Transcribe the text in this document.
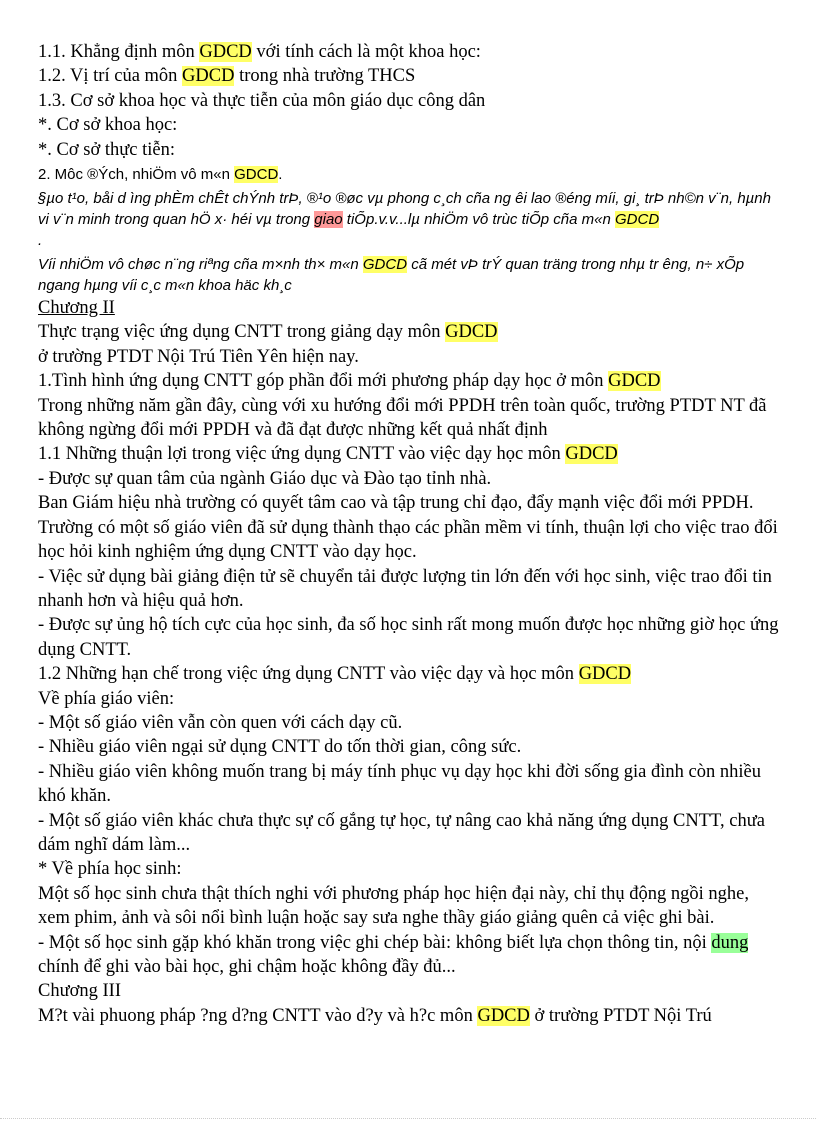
1.1. Khẳng định môn GDCD với tính cách là một khoa học:
1.2. Vị trí của môn GDCD trong nhà trường THCS
1.3. Cơ sở khoa học và thực tiễn của môn giáo dục công dân
*. Cơ sở khoa học:
*. Cơ sở thực tiễn:
2. Môc ®Ých, nhiÖm vô m«n GDCD.
§µo t¹o, båi d ìng phÈm chÊt chÝnh trÞ, ®¹o ®øc vµ phong c¸ch cña ng êi lao ®éng míi, gi¸ trÞ nh©n v¨n, hµnh vi v¨n minh trong quan hÖ x· héi vµ trong giao tiÕp.v.v...lµ nhiÖm vô trùc tiÕp cña m«n GDCD
.
Víi nhiÖm vô chøc n¨ng riªng cña m×nh th× m«n GDCD cã mét vÞ trÝ quan träng trong nhµ tr êng, n÷ xÕp ngang hµng víi c¸c m«n khoa häc kh¸c
Chương II
Thực trạng việc ứng dụng CNTT trong giảng dạy môn GDCD
ở trường PTDT Nội Trú Tiên Yên hiện nay.
1.Tình hình ứng dụng CNTT góp phần đổi mới phương pháp dạy học ở môn GDCD
Trong những năm gần đây, cùng với xu hướng đổi mới PPDH trên toàn quốc, trường PTDT NT đã không ngừng đổi mới PPDH và đã đạt được những kết quả nhất định
1.1 Những thuận lợi trong việc ứng dụng CNTT vào việc dạy học môn GDCD
- Được sự quan tâm của ngành Giáo dục và Đào tạo tỉnh nhà.
Ban Giám hiệu nhà trường có quyết tâm cao và tập trung chỉ đạo, đẩy mạnh việc đổi mới PPDH.
Trường có một số giáo viên đã sử dụng thành thạo các phần mềm vi tính, thuận lợi cho việc trao đổi học hỏi kinh nghiệm ứng dụng CNTT vào dạy học.
- Việc sử dụng bài giảng điện tử sẽ chuyển tải được lượng tin lớn đến với học sinh, việc trao đổi tin nhanh hơn và hiệu quả hơn.
- Được sự ủng hộ tích cực của học sinh, đa số học sinh rất mong muốn được học những giờ học ứng dụng CNTT.
1.2 Những hạn chế trong việc ứng dụng CNTT vào việc dạy và học môn GDCD
Về phía giáo viên:
- Một số giáo viên vẫn còn quen với cách dạy cũ.
- Nhiều giáo viên ngại sử dụng CNTT do tốn thời gian, công sức.
- Nhiều giáo viên không muốn trang bị máy tính phục vụ dạy học khi đời sống gia đình còn nhiều khó khăn.
- Một số giáo viên khác chưa thực sự cố gắng tự học, tự nâng cao khả năng ứng dụng CNTT, chưa dám nghĩ dám làm...
* Về phía học sinh:
Một số học sinh chưa thật thích nghi với phương pháp học hiện đại này, chỉ thụ động ngồi nghe, xem phim, ảnh và sôi nổi bình luận hoặc say sưa nghe thầy giáo giảng quên cả việc ghi bài.
- Một số học sinh gặp khó khăn trong việc ghi chép bài: không biết lựa chọn thông tin, nội dung chính để ghi vào bài học, ghi chậm hoặc không đầy đủ...
Chương III
M?t vài phuong pháp ?ng d?ng CNTT vào d?y và h?c môn GDCD ở trường PTDT Nội Trú
